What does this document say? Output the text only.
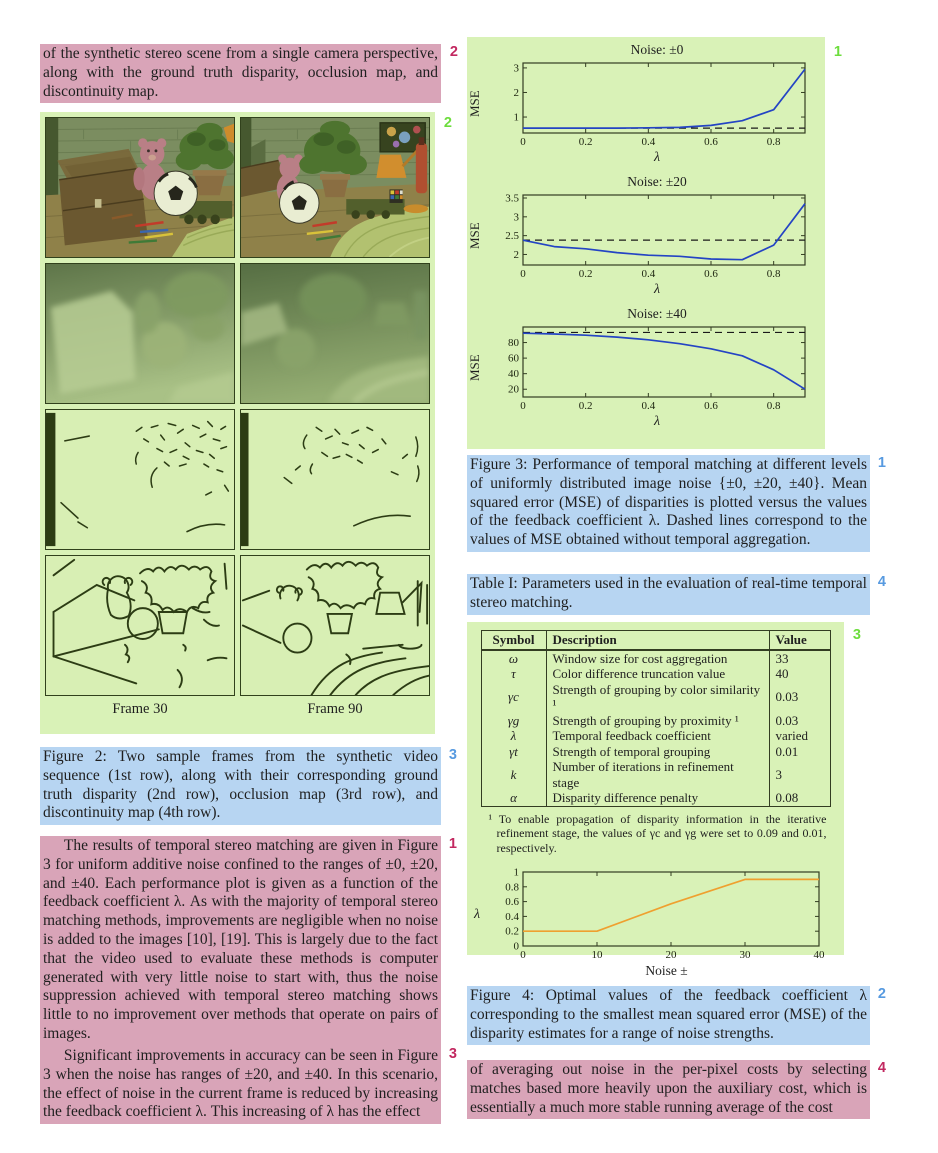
of the synthetic stereo scene from a single camera perspective, along with the ground truth disparity, occlusion map, and discontinuity map.
2
2
Frame 30	Frame 90
Figure 2: Two sample frames from the synthetic video sequence (1st row), along with their corresponding ground truth disparity (2nd row), occlusion map (3rd row), and discontinuity map (4th row).
3
The results of temporal stereo matching are given in Figure 3 for uniform additive noise confined to the ranges of ±0, ±20, and ±40. Each performance plot is given as a function of the feedback coefficient λ. As with the majority of temporal stereo matching methods, improvements are negligible when no noise is added to the images [10], [19]. This is largely due to the fact that the video used to evaluate these methods is computer generated with very little noise to start with, thus the noise suppression achieved with temporal stereo matching shows little to no improvement over methods that operate on pairs of images.
1
Significant improvements in accuracy can be seen in Figure 3 when the noise has ranges of ±20, and ±40. In this scenario, the effect of noise in the current frame is reduced by increasing the feedback coefficient λ. This increasing of λ has the effect
3
1
Noise: ±0
MSE
0	0.2	0.4	0.6	0.8
1
2
3
λ
Noise: ±20
MSE
0	0.2	0.4	0.6	0.8
2
2.5
3
3.5
λ
Noise: ±40
MSE
0	0.2	0.4	0.6	0.8
20
40
60
80
λ
Figure 3: Performance of temporal matching at different levels of uniformly distributed image noise {±0, ±20, ±40}. Mean squared error (MSE) of disparities is plotted versus the values of the feedback coefficient λ. Dashed lines correspond to the values of MSE obtained without temporal aggregation.
1
Table I: Parameters used in the evaluation of real-time temporal stereo matching.
4
3
Symbol	Description	Value
ω	Window size for cost aggregation	33
τ	Color difference truncation value	40
γc	Strength of grouping by color similarity ¹	0.03
γg	Strength of grouping by proximity ¹	0.03
λ	Temporal feedback coefficient	varied
γt	Strength of temporal grouping	0.01
k	Number of iterations in refinement stage	3
α	Disparity difference penalty	0.08
¹ To enable propagation of disparity information in the iterative refinement stage, the values of γc and γg were set to 0.09 and 0.01, respectively.
λ
0	10	20	30	40
0
0.2
0.4
0.6
0.8
1
Noise ±
Figure 4: Optimal values of the feedback coefficient λ corresponding to the smallest mean squared error (MSE) of the disparity estimates for a range of noise strengths.
2
of averaging out noise in the per-pixel costs by selecting matches based more heavily upon the auxiliary cost, which is essentially a much more stable running average of the cost
4
